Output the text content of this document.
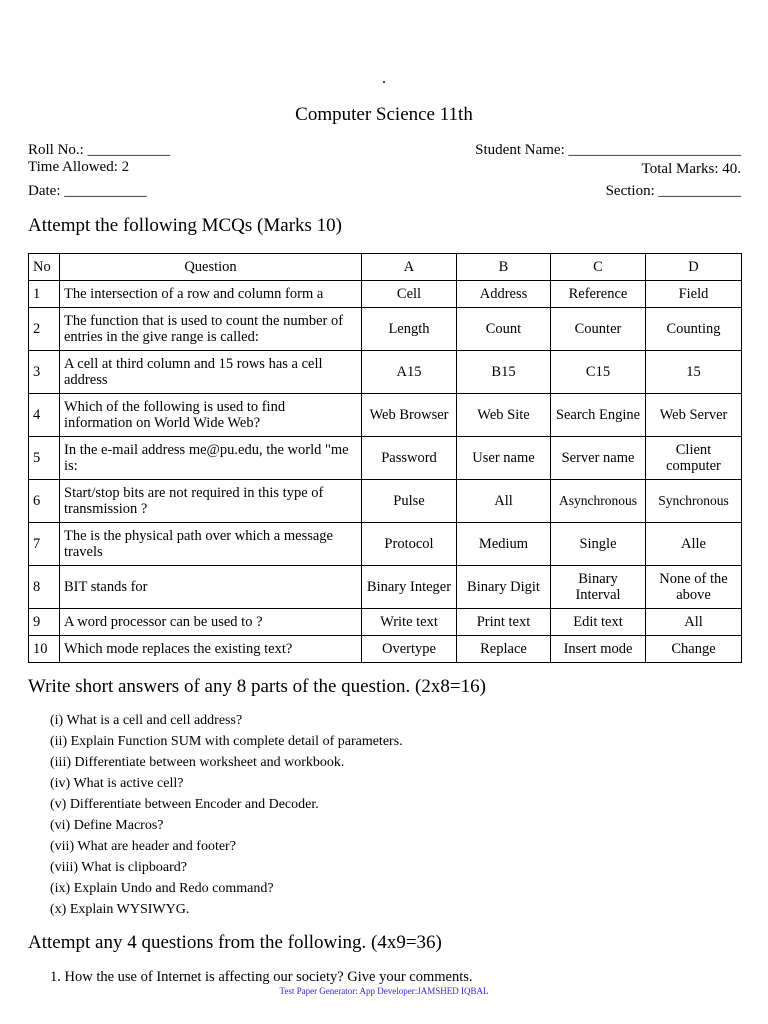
.
Computer Science 11th
Roll No.: ___________	Student Name: _______________________
Time Allowed: 2	Total Marks: 40.
Date: ___________	Section: ___________
Attempt the following MCQs (Marks 10)
No	Question	A	B	C	D
1	The intersection of a row and column form a	Cell	Address	Reference	Field
2	The function that is used to count the number of entries in the give range is called:	Length	Count	Counter	Counting
3	A cell at third column and 15 rows has a cell address	A15	B15	C15	15
4	Which of the following is used to find information on World Wide Web?	Web Browser	Web Site	Search Engine	Web Server
5	In the e-mail address me@pu.edu, the world "me is:	Password	User name	Server name	Client computer
6	Start/stop bits are not required in this type of transmission ?	Pulse	All	Asynchronous	Synchronous
7	The is the physical path over which a message travels	Protocol	Medium	Single	Alle
8	BIT stands for	Binary Integer	Binary Digit	Binary Interval	None of the above
9	A word processor can be used to ?	Write text	Print text	Edit text	All
10	Which mode replaces the existing text?	Overtype	Replace	Insert mode	Change
Write short answers of any 8 parts of the question. (2x8=16)
(i) What is a cell and cell address?
(ii) Explain Function SUM with complete detail of parameters.
(iii) Differentiate between worksheet and workbook.
(iv) What is active cell?
(v) Differentiate between Encoder and Decoder.
(vi) Define Macros?
(vii) What are header and footer?
(viii) What is clipboard?
(ix) Explain Undo and Redo command?
(x) Explain WYSIWYG.
Attempt any 4 questions from the following. (4x9=36)
1. How the use of Internet is affecting our society? Give your comments.
Test Paper Generator: App Developer:JAMSHED IQBAL
